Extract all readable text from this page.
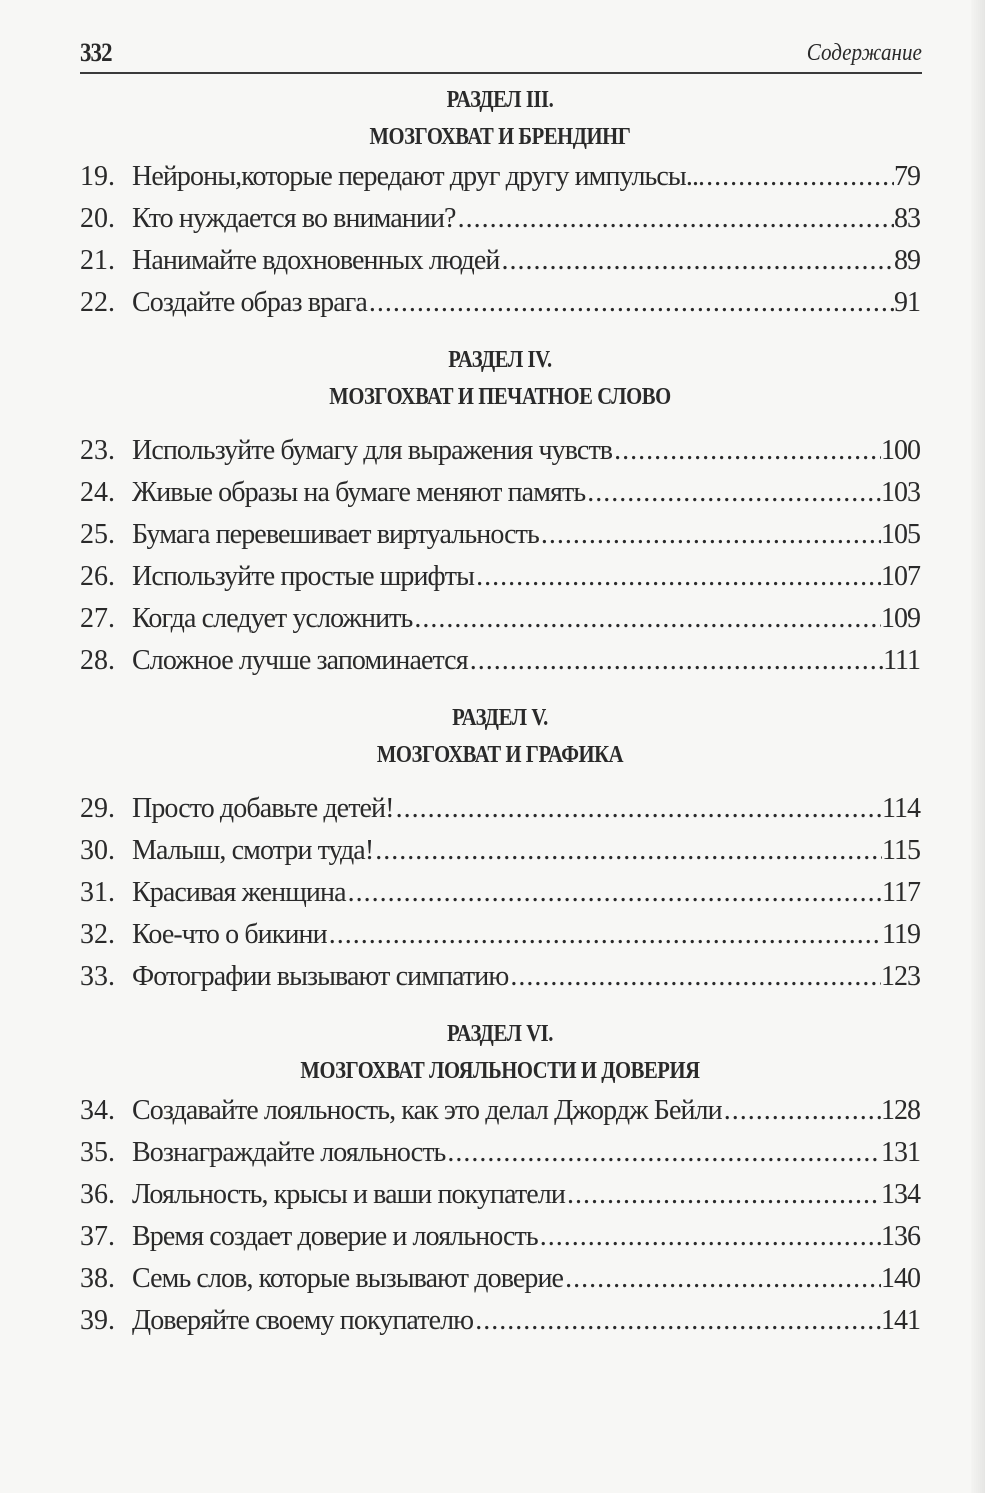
332	Содержание
РАЗДЕЛ III.
МОЗГОХВАТ И БРЕНДИНГ
19. Нейроны,которые передают друг другу импульсы... .....	79
20. Кто нуждается во внимании? .....	83
21. Нанимайте вдохновенных людей .....	89
22. Создайте образ врага .....	91
РАЗДЕЛ IV.
МОЗГОХВАТ И ПЕЧАТНОЕ СЛОВО
23. Используйте бумагу для выражения чувств .....	100
24. Живые образы на бумаге меняют память .....	103
25. Бумага перевешивает виртуальность .....	105
26. Используйте простые шрифты .....	107
27. Когда следует усложнить .....	109
28. Сложное лучше запоминается .....	111
РАЗДЕЛ V.
МОЗГОХВАТ И ГРАФИКА
29. Просто добавьте детей! .....	114
30. Малыш, смотри туда! .....	115
31. Красивая женщина .....	117
32. Кое-что о бикини .....	119
33. Фотографии вызывают симпатию .....	123
РАЗДЕЛ VI.
МОЗГОХВАТ ЛОЯЛЬНОСТИ И ДОВЕРИЯ
34. Создавайте лояльность, как это делал Джордж Бейли .....	128
35. Вознаграждайте лояльность .....	131
36. Лояльность, крысы и ваши покупатели .....	134
37. Время создает доверие и лояльность .....	136
38. Семь слов, которые вызывают доверие .....	140
39. Доверяйте своему покупателю .....	141
